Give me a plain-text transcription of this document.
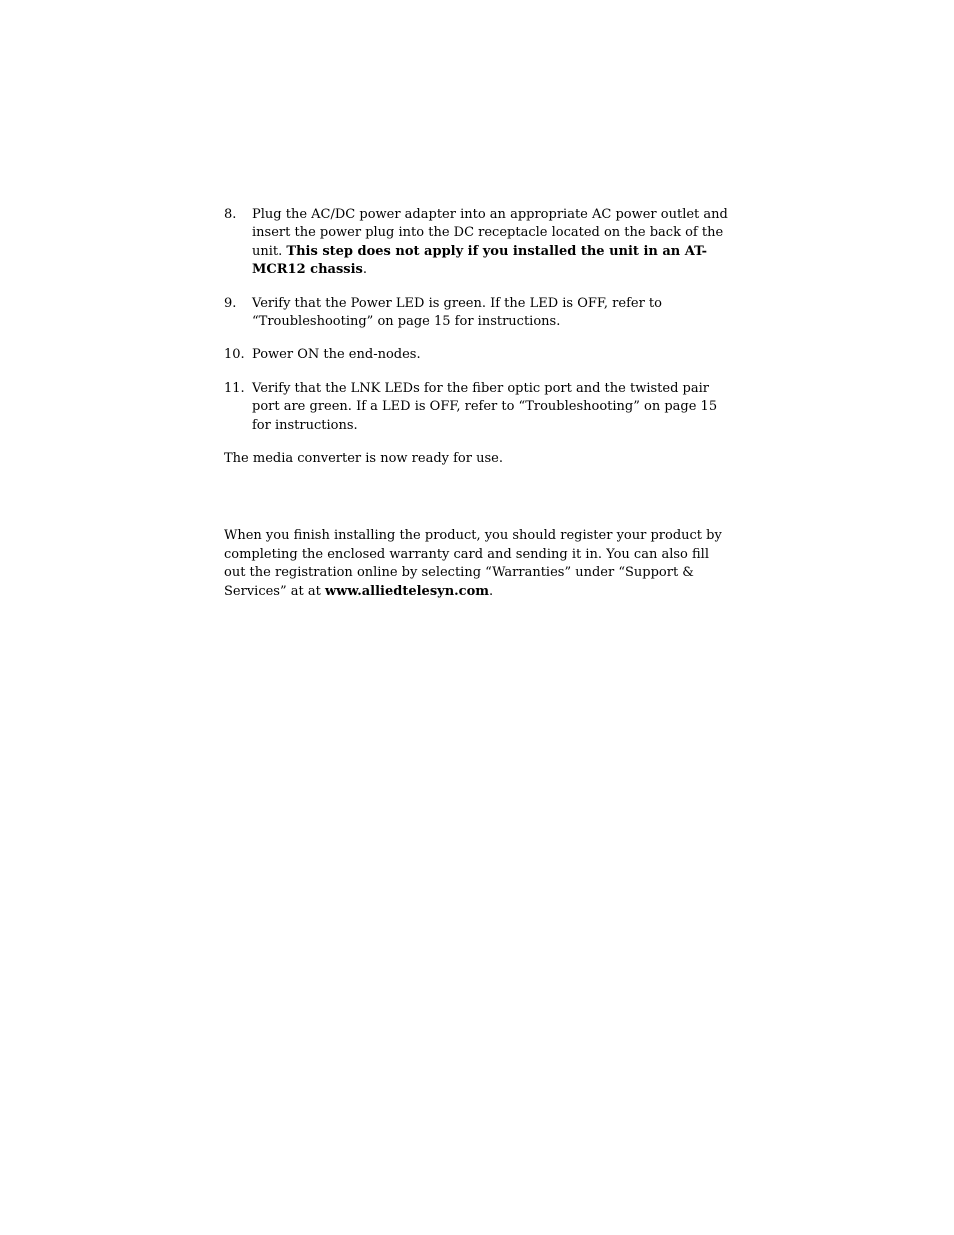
8. Plug the AC/DC power adapter into an appropriate AC power outlet and insert the power plug into the DC receptacle located on the back of the unit. This step does not apply if you installed the unit in an AT-MCR12 chassis.
9. Verify that the Power LED is green. If the LED is OFF, refer to “Troubleshooting” on page 15 for instructions.
10. Power ON the end-nodes.
11. Verify that the LNK LEDs for the fiber optic port and the twisted pair port are green. If a LED is OFF, refer to “Troubleshooting” on page 15 for instructions.

The media converter is now ready for use.

When you finish installing the product, you should register your product by completing the enclosed warranty card and sending it in. You can also fill out the registration online by selecting “Warranties” under “Support & Services” at at www.alliedtelesyn.com.
